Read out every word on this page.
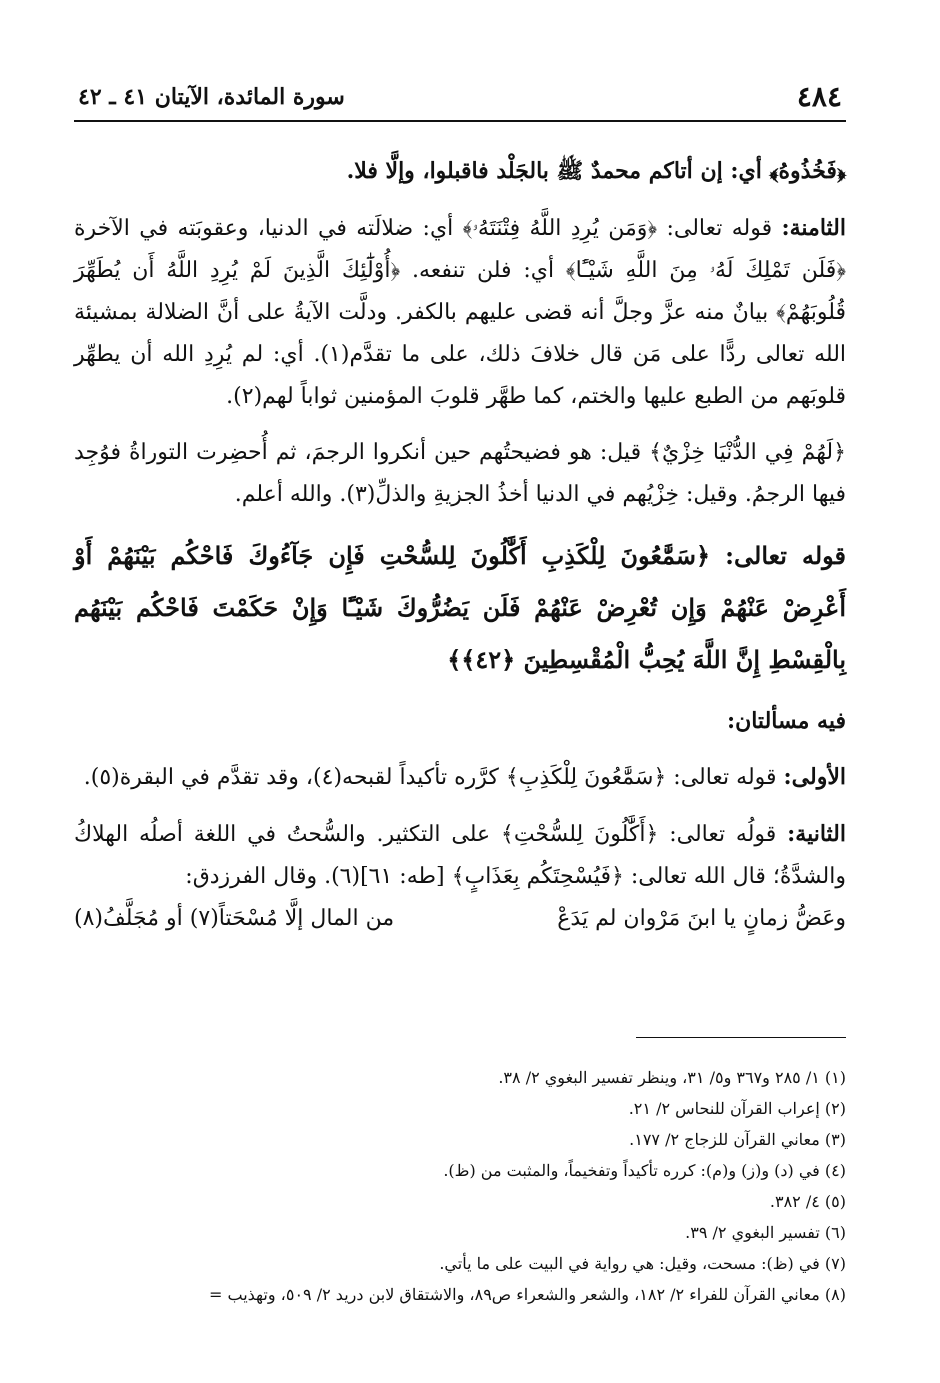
٤٨٤
سورة المائدة، الآيتان ٤١ ـ ٤٢

﴿فَخُذُوهُ﴾ أي: إن أتاكم محمدٌ ﷺ بالجَلْد فاقبلوا، وإلَّا فلا.

الثامنة: قوله تعالى: ﴿وَمَن يُرِدِ اللَّهُ فِتْنَتَهُۥ﴾ أي: ضلالَته في الدنيا، وعقوبَته في الآخرة ﴿فَلَن تَمْلِكَ لَهُۥ مِنَ اللَّهِ شَيْـًٔا﴾ أي: فلن تنفعه. ﴿أُوْلَٰٓئِكَ الَّذِينَ لَمْ يُرِدِ اللَّهُ أَن يُطَهِّرَ قُلُوبَهُمْ﴾ بيانٌ منه عزَّ وجلَّ أنه قضى عليهم بالكفر. ودلَّت الآيةُ على أنَّ الضلالة بمشيئة الله تعالى ردًّا على مَن قال خلافَ ذلك، على ما تقدَّم(١). أي: لم يُرِدِ الله أن يطهِّر قلوبَهم من الطبع عليها والختم، كما طهَّر قلوبَ المؤمنين ثواباً لهم(٢).

﴿لَهُمْ فِي الدُّنْيَا خِزْيٌ﴾ قيل: هو فضيحتُهم حين أنكروا الرجمَ، ثم أُحضِرت التوراةُ فوُجِد فيها الرجمُ. وقيل: خِزْيُهم في الدنيا أخذُ الجزيةِ والذلِّ(٣). والله أعلم.

قوله تعالى: ﴿سَمَّٰعُونَ لِلْكَذِبِ أَكَّٰلُونَ لِلسُّحْتِ فَإِن جَآءُوكَ فَاحْكُم بَيْنَهُمْ أَوْ أَعْرِضْ عَنْهُمْ وَإِن تُعْرِضْ عَنْهُمْ فَلَن يَضُرُّوكَ شَيْـًٔا وَإِنْ حَكَمْتَ فَاحْكُم بَيْنَهُم بِالْقِسْطِ إِنَّ اللَّهَ يُحِبُّ الْمُقْسِطِينَ ﴿٤٢﴾﴾

فيه مسألتان:

الأولى: قوله تعالى: ﴿سَمَّٰعُونَ لِلْكَذِبِ﴾ كرَّره تأكيداً لقبحه(٤)، وقد تقدَّم في البقرة(٥).

الثانية: قولُه تعالى: ﴿أَكَّٰلُونَ لِلسُّحْتِ﴾ على التكثير. والسُّحتُ في اللغة أصلُه الهلاكُ والشدَّةُ؛ قال الله تعالى: ﴿فَيُسْحِتَكُم بِعَذَابٍ﴾ [طه: ٦١](٦). وقال الفرزدق:

وعَضُّ زمانٍ يا ابنَ مَرْوان لم يَدَعْ
من المال إلَّا مُسْحَتاً(٧) أو مُجَلَّفُ(٨)

(١) ١/ ٢٨٥ و٣٦٧ و٥/ ٣١، وينظر تفسير البغوي ٢/ ٣٨.

(٢) إعراب القرآن للنحاس ٢/ ٢١.

(٣) معاني القرآن للزجاج ٢/ ١٧٧.

(٤) في (د) و(ز) و(م): كرره تأكيداً وتفخيماً، والمثبت من (ظ).

(٥) ٤/ ٣٨٢.

(٦) تفسير البغوي ٢/ ٣٩.

(٧) في (ظ): مسحت، وقيل: هي رواية في البيت على ما يأتي.

(٨) معاني القرآن للفراء ٢/ ١٨٢، والشعر والشعراء ص٨٩، والاشتقاق لابن دريد ٢/ ٥٠٩، وتهذيب =
